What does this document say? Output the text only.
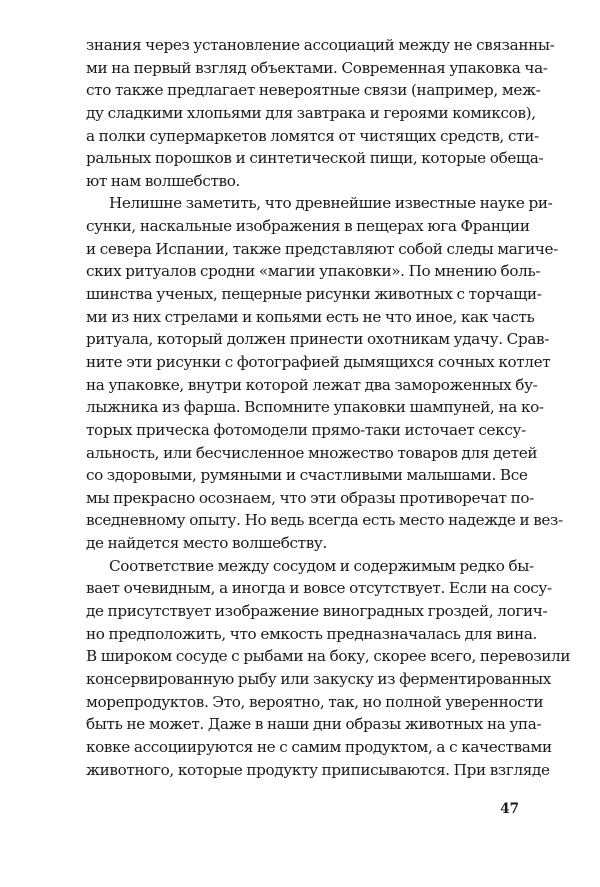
знания через установление ассоциаций между не связанны-
ми на первый взгляд объектами. Современная упаковка ча-
сто также предлагает невероятные связи (например, меж-
ду сладкими хлопьями для завтрака и героями комиксов),
а полки супермаркетов ломятся от чистящих средств, сти-
ральных порошков и синтетической пищи, которые обеща-
ют нам волшебство.
Нелишне заметить, что древнейшие известные науке ри-
сунки, наскальные изображения в пещерах юга Франции
и севера Испании, также представляют собой следы магиче-
ских ритуалов сродни «магии упаковки». По мнению боль-
шинства ученых, пещерные рисунки животных с торчащи-
ми из них стрелами и копьями есть не что иное, как часть
ритуала, который должен принести охотникам удачу. Срав-
ните эти рисунки с фотографией дымящихся сочных котлет
на упаковке, внутри которой лежат два замороженных бу-
лыжника из фарша. Вспомните упаковки шампуней, на ко-
торых прическа фотомодели прямо-таки источает сексу-
альность, или бесчисленное множество товаров для детей
со здоровыми, румяными и счастливыми малышами. Все
мы прекрасно осознаем, что эти образы противоречат по-
вседневному опыту. Но ведь всегда есть место надежде и вез-
де найдется место волшебству.
Соответствие между сосудом и содержимым редко бы-
вает очевидным, а иногда и вовсе отсутствует. Если на сосу-
де присутствует изображение виноградных гроздей, логич-
но предположить, что емкость предназначалась для вина.
В широком сосуде с рыбами на боку, скорее всего, перевозили
консервированную рыбу или закуску из ферментированных
морепродуктов. Это, вероятно, так, но полной уверенности
быть не может. Даже в наши дни образы животных на упа-
ковке ассоциируются не с самим продуктом, а с качествами
животного, которые продукту приписываются. При взгляде
47
